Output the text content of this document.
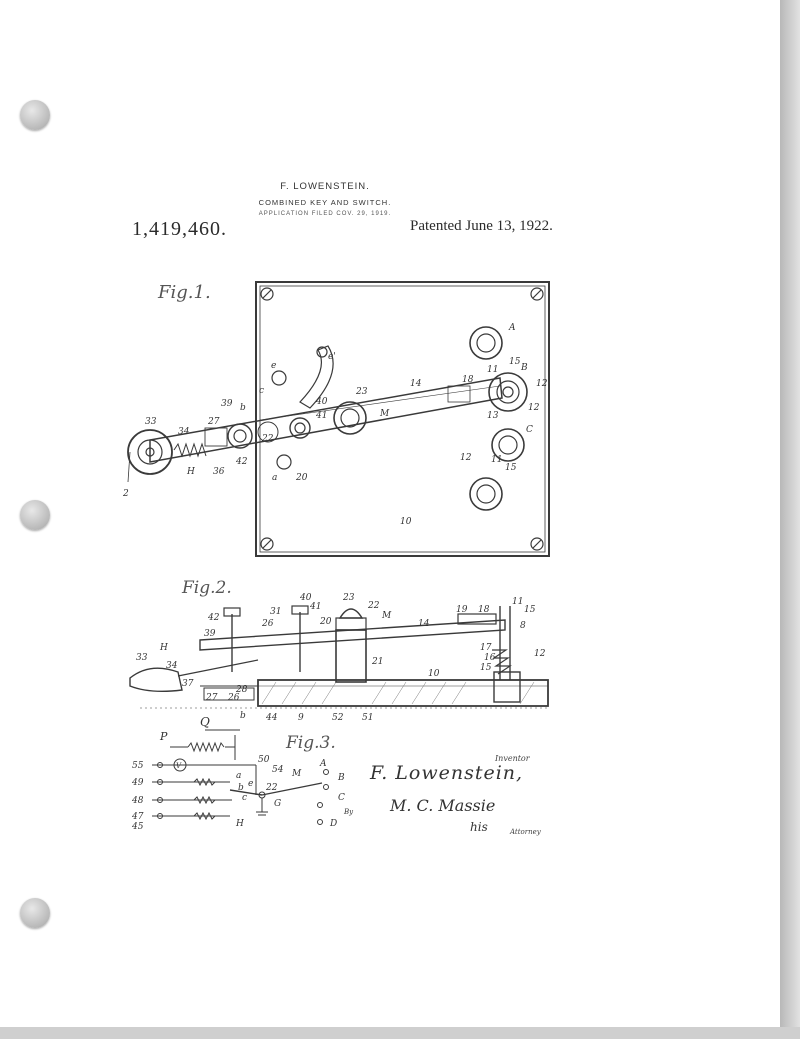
F. LOWENSTEIN.
COMBINED KEY AND SWITCH.
APPLICATION FILED COV. 29, 1919.
1,419,460.	Patented June 13, 1922.
Fig.1.
Fig.2.
Fig.3.
A
15
B
11
12
12
13
C
12
15
11
14	18
23
M
e
e'
c
39 b
27
40
41
22
42
33
34
H 36
a 20
2
10
42
40
41
23
22
M
19 18
11
15
8
12
14
17
16
15
21
10
39
31
26	20
H
33
34
37
27 26
28
44 9	52 51
b
Q
P
55
49
48
47
45
V
50
54
a
b
c
e 22
M
G
H
A
B
C
D
By
Inventor
F. Lowenstein,
M. C. Massie
his	Attorney
